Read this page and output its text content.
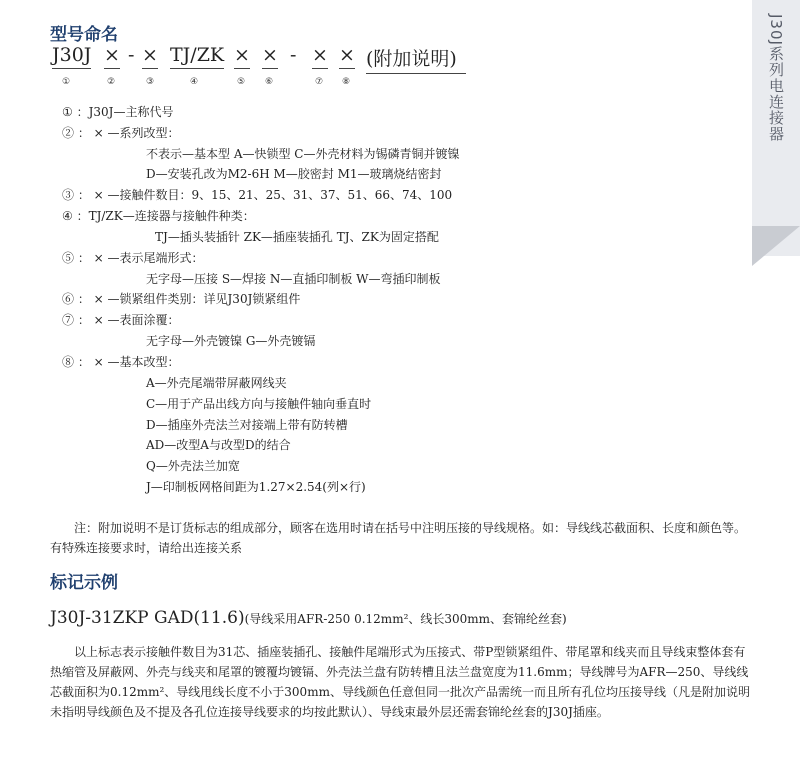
J30J系列电连接器
型号命名
J30J
①
×
②
- ×
③
TJ/ZK
④
×
⑤
×
⑥
- ×
⑦
×
⑧
(附加说明)
① ：J30J—主称代号
② ： × —系列改型：
不表示—基本型 A—快锁型 C—外壳材料为锡磷青铜并镀镍
D—安装孔改为M2-6H M—胶密封 M1—玻璃烧结密封
③ ： × —接触件数目：9、15、21、25、31、37、51、66、74、100
④ ：TJ/ZK—连接器与接触件种类：
TJ—插头装插针 ZK—插座装插孔 TJ、ZK为固定搭配
⑤ ： × —表示尾端形式：
无字母—压接 S—焊接 N—直插印制板 W—弯插印制板
⑥ ： × —锁紧组件类别：详见J30J锁紧组件
⑦ ： × —表面涂覆：
无字母—外壳镀镍 G—外壳镀镉
⑧ ： × —基本改型：
A—外壳尾端带屏蔽网线夹
C—用于产品出线方向与接触件轴向垂直时
D—插座外壳法兰对接端上带有防转槽
AD—改型A与改型D的结合
Q—外壳法兰加宽
J—印制板网格间距为1.27×2.54(列×行)
注：附加说明不是订货标志的组成部分，顾客在选用时请在括号中注明压接的导线规格。如：导线线芯截面积、长度和颜色等。有特殊连接要求时，请给出连接关系
标记示例
J30J-31ZKP GAD(11.6)(导线采用AFR-250 0.12mm²、线长300mm、套锦纶丝套)
以上标志表示接触件数目为31芯、插座装插孔、接触件尾端形式为压接式、带P型锁紧组件、带尾罩和线夹而且导线束整体套有热缩管及屏蔽网、外壳与线夹和尾罩的镀覆均镀镉、外壳法兰盘有防转槽且法兰盘宽度为11.6mm；导线牌号为AFR—250、导线线芯截面积为0.12mm²、导线甩线长度不小于300mm、导线颜色任意但同一批次产品需统一而且所有孔位均压接导线（凡是附加说明未指明导线颜色及不提及各孔位连接导线要求的均按此默认）、导线束最外层还需套锦纶丝套的J30J插座。
